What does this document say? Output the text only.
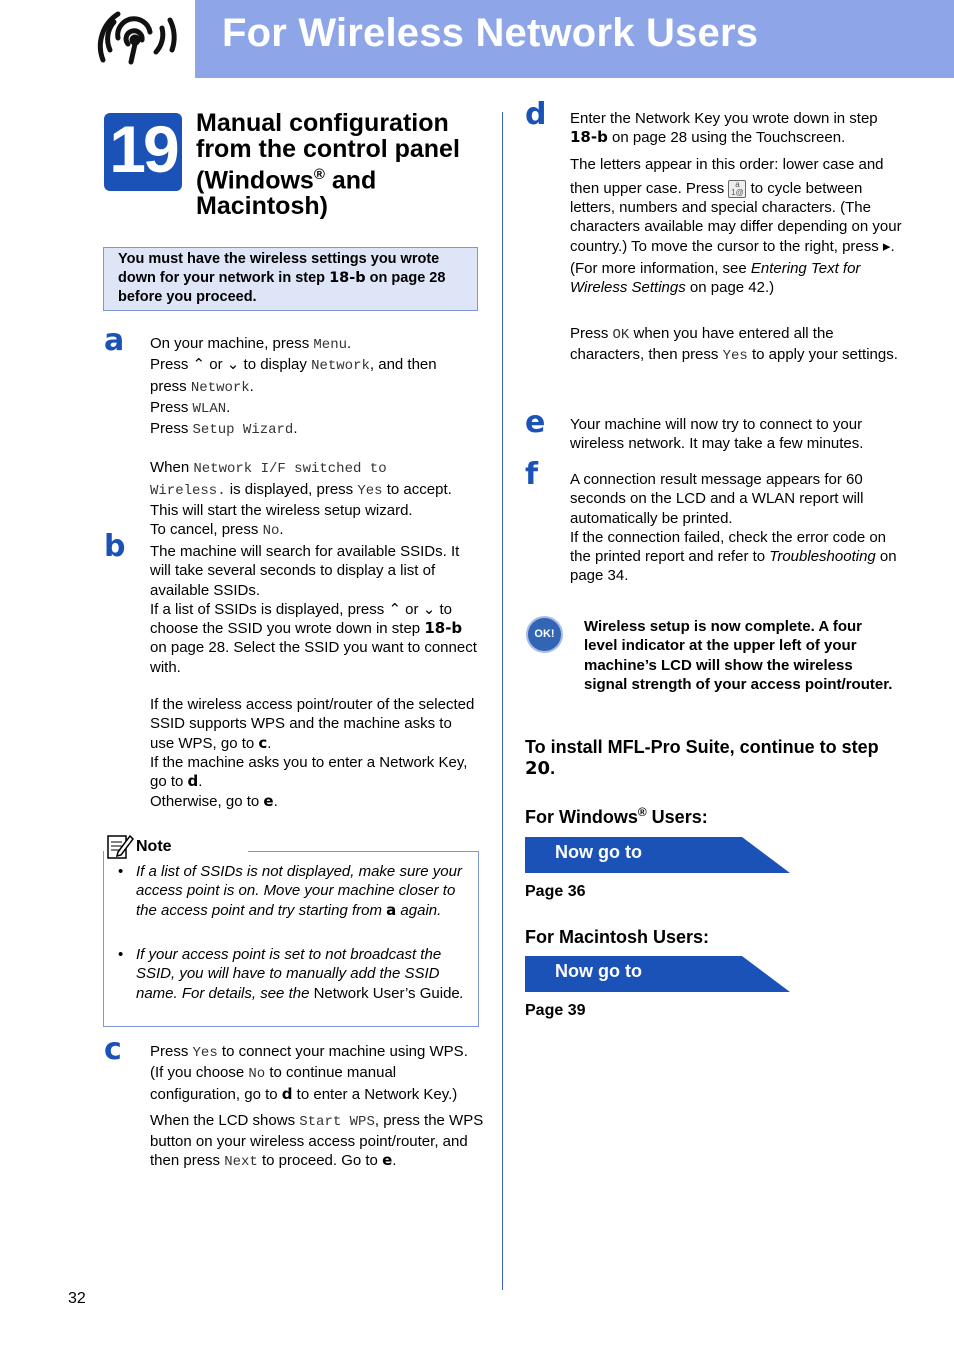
For Wireless Network Users
19 Manual configuration from the control panel (Windows® and Macintosh)
You must have the wireless settings you wrote down for your network in step 18-b on page 28 before you proceed.
a On your machine, press Menu.

Press ⌃ or ⌄ to display Network, and then

press Network.

Press WLAN.

Press Setup Wizard.

When Network I/F switched to

Wireless. is displayed, press Yes to accept.

This will start the wireless setup wizard.

To cancel, press No.

b The machine will search for available SSIDs. It will take several seconds to display a list of available SSIDs.

If a list of SSIDs is displayed, press ⌃ or ⌄ to choose the SSID you wrote down in step 18-b on page 28. Select the SSID you want to connect with.

If the wireless access point/router of the selected SSID supports WPS and the machine asks to use WPS, go to c.

If the machine asks you to enter a Network Key, go to d.

Otherwise, go to e.

Note
• If a list of SSIDs is not displayed, make sure your access point is on. Move your machine closer to the access point and try starting from a again.
• If your access point is set to not broadcast the SSID, you will have to manually add the SSID name. For details, see the Network User’s Guide.
c Press Yes to connect your machine using WPS. (If you choose No to continue manual configuration, go to d to enter a Network Key.)

When the LCD shows Start WPS, press the WPS button on your wireless access point/router, and then press Next to proceed. Go to e.

d Enter the Network Key you wrote down in step 18-b on page 28 using the Touchscreen.

The letters appear in this order: lower case and

then upper case. Press a
1@ to cycle between letters, numbers and special characters. (The characters available may differ depending on your country.) To move the cursor to the right, press ▸.

(For more information, see Entering Text for Wireless Settings on page 42.)

Press OK when you have entered all the characters, then press Yes to apply your settings.

e Your machine will now try to connect to your wireless network. It may take a few minutes.
f A connection result message appears for 60 seconds on the LCD and a WLAN report will automatically be printed.

If the connection failed, check the error code on the printed report and refer to Troubleshooting on page 34.

OK!	Wireless setup is now complete. A four level indicator at the upper left of your machine’s LCD will show the wireless signal strength of your access point/router.
To install MFL-Pro Suite, continue to step 20.
For Windows® Users:
Now go to
Page 36
For Macintosh Users:
Now go to
Page 39
32
